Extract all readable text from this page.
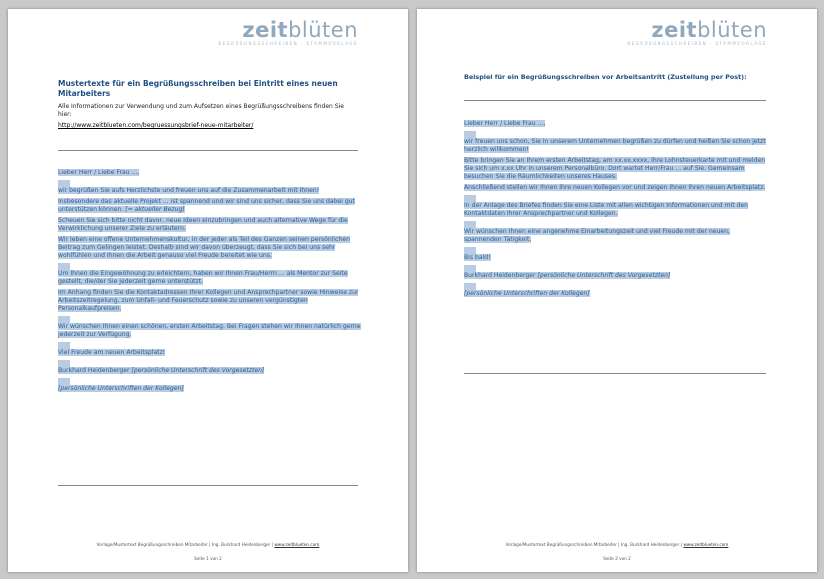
zeitblüten
BEGRÜßUNGSSCHREIBEN · STAMMVORLAGE
Mustertexte für ein Begrüßungsschreiben bei Eintritt eines neuen Mitarbeiters
Alle Informationen zur Verwendung und zum Aufsetzen eines Begrüßungsschreibens finden Sie hier:
http://www.zeitblueten.com/begruessungsbrief-neue-mitarbeiter/
Lieber Herr / Liebe Frau ...,
wir begrüßen Sie aufs Herzlichste und freuen uns auf die Zusammenarbeit mit Ihnen!
Insbesondere das aktuelle Projekt ... ist spannend und wir sind uns sicher, dass Sie uns dabei gut unterstützen können. [= aktueller Bezug]
Scheuen Sie sich bitte nicht davor, neue Ideen einzubringen und auch alternative Wege für die Verwirklichung unserer Ziele zu erläutern.
Wir leben eine offene Unternehmenskultur, in der jeder als Teil des Ganzen seinen persönlichen Beitrag zum Gelingen leistet. Deshalb sind wir davon überzeugt, dass Sie sich bei uns sehr wohlfühlen und Ihnen die Arbeit genauso viel Freude bereitet wie uns.
Um Ihnen die Eingewöhnung zu erleichtern, haben wir Ihnen Frau/Herrn ... als Mentor zur Seite gestellt, die/der Sie jederzeit gerne unterstützt.
Im Anhang finden Sie die Kontaktadressen Ihrer Kollegen und Ansprechpartner sowie Hinweise zur Arbeitszeitregelung, zum Unfall- und Feuerschutz sowie zu unseren vergünstigten Personalkaufpreisen.
Wir wünschen Ihnen einen schönen, ersten Arbeitstag. Bei Fragen stehen wir Ihnen natürlich gerne jederzeit zur Verfügung.
Viel Freude am neuen Arbeitsplatz!
Burkhard Heidenberger [persönliche Unterschrift des Vorgesetzten]
[persönliche Unterschriften der Kollegen]
Vorlage/Mustertext Begrüßungsschreiben Mitarbeiter | Ing. Burkhard Heidenberger | www.zeitblueten.com
Seite 1 von 2
zeitblüten
BEGRÜßUNGSSCHREIBEN · STAMMVORLAGE
Beispiel für ein Begrüßungsschreiben vor Arbeitsantritt (Zustellung per Post):
Lieber Herr / Liebe Frau ...,
wir freuen uns schon, Sie in unserem Unternehmen begrüßen zu dürfen und heißen Sie schon jetzt herzlich willkommen!
Bitte bringen Sie an Ihrem ersten Arbeitstag, am xx.xx.xxxx, Ihre Lohnsteuerkarte mit und melden Sie sich um x.xx Uhr in unserem Personalbüro. Dort wartet Herr/Frau ... auf Sie. Gemeinsam besuchen Sie die Räumlichkeiten unseres Hauses.
Anschließend stellen wir Ihnen Ihre neuen Kollegen vor und zeigen Ihnen Ihren neuen Arbeitsplatz.
In der Anlage des Briefes finden Sie eine Liste mit allen wichtigen Informationen und mit den Kontaktdaten Ihrer Ansprechpartner und Kollegen.
Wir wünschen Ihnen eine angenehme Einarbeitungszeit und viel Freude mit der neuen, spannenden Tätigkeit.
Bis bald!
Burkhard Heidenberger [persönliche Unterschrift des Vorgesetzten]
[persönliche Unterschriften der Kollegen]
Vorlage/Mustertext Begrüßungsschreiben Mitarbeiter | Ing. Burkhard Heidenberger | www.zeitblueten.com
Seite 2 von 2
